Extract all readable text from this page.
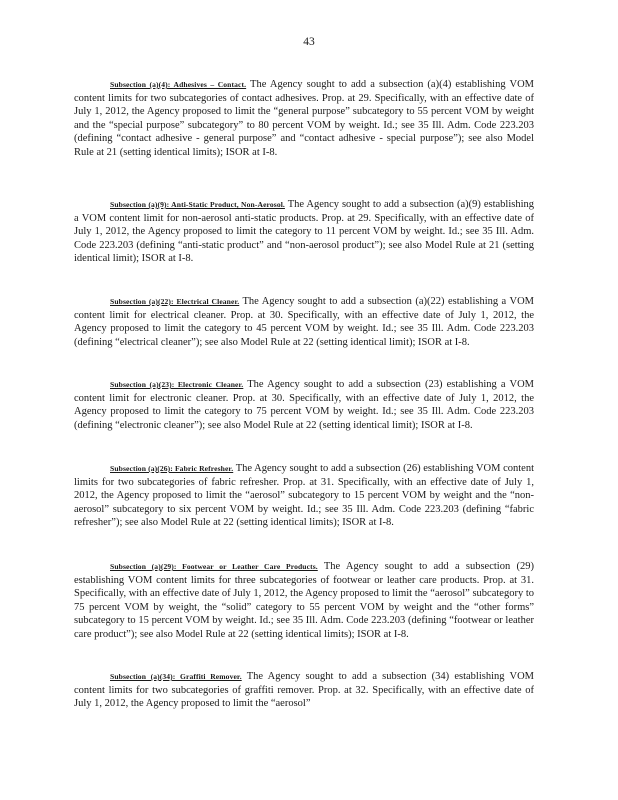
43

Subsection (a)(4): Adhesives – Contact. The Agency sought to add a subsection (a)(4) establishing VOM content limits for two subcategories of contact adhesives. Prop. at 29. Specifically, with an effective date of July 1, 2012, the Agency proposed to limit the “general purpose” subcategory to 55 percent VOM by weight and the “special purpose” subcategory” to 80 percent VOM by weight. Id.; see 35 Ill. Adm. Code 223.203 (defining “contact adhesive - general purpose” and “contact adhesive - special purpose”); see also Model Rule at 21 (setting identical limits); ISOR at I-8.

Subsection (a)(9): Anti-Static Product, Non-Aerosol. The Agency sought to add a subsection (a)(9) establishing a VOM content limit for non-aerosol anti-static products. Prop. at 29. Specifically, with an effective date of July 1, 2012, the Agency proposed to limit the category to 11 percent VOM by weight. Id.; see 35 Ill. Adm. Code 223.203 (defining “anti-static product” and “non-aerosol product”); see also Model Rule at 21 (setting identical limit); ISOR at I-8.

Subsection (a)(22): Electrical Cleaner. The Agency sought to add a subsection (a)(22) establishing a VOM content limit for electrical cleaner. Prop. at 30. Specifically, with an effective date of July 1, 2012, the Agency proposed to limit the category to 45 percent VOM by weight. Id.; see 35 Ill. Adm. Code 223.203 (defining “electrical cleaner”); see also Model Rule at 22 (setting identical limit); ISOR at I-8.

Subsection (a)(23): Electronic Cleaner. The Agency sought to add a subsection (23) establishing a VOM content limit for electronic cleaner. Prop. at 30. Specifically, with an effective date of July 1, 2012, the Agency proposed to limit the category to 75 percent VOM by weight. Id.; see 35 Ill. Adm. Code 223.203 (defining “electronic cleaner”); see also Model Rule at 22 (setting identical limit); ISOR at I-8.

Subsection (a)(26): Fabric Refresher. The Agency sought to add a subsection (26) establishing VOM content limits for two subcategories of fabric refresher. Prop. at 31. Specifically, with an effective date of July 1, 2012, the Agency proposed to limit the “aerosol” subcategory to 15 percent VOM by weight and the “non-aerosol” subcategory to six percent VOM by weight. Id.; see 35 Ill. Adm. Code 223.203 (defining “fabric refresher”); see also Model Rule at 22 (setting identical limits); ISOR at I-8.

Subsection (a)(29): Footwear or Leather Care Products. The Agency sought to add a subsection (29) establishing VOM content limits for three subcategories of footwear or leather care products. Prop. at 31. Specifically, with an effective date of July 1, 2012, the Agency proposed to limit the “aerosol” subcategory to 75 percent VOM by weight, the “solid” category to 55 percent VOM by weight and the “other forms” subcategory to 15 percent VOM by weight. Id.; see 35 Ill. Adm. Code 223.203 (defining “footwear or leather care product”); see also Model Rule at 22 (setting identical limits); ISOR at I-8.

Subsection (a)(34): Graffiti Remover. The Agency sought to add a subsection (34) establishing VOM content limits for two subcategories of graffiti remover. Prop. at 32. Specifically, with an effective date of July 1, 2012, the Agency proposed to limit the “aerosol”
